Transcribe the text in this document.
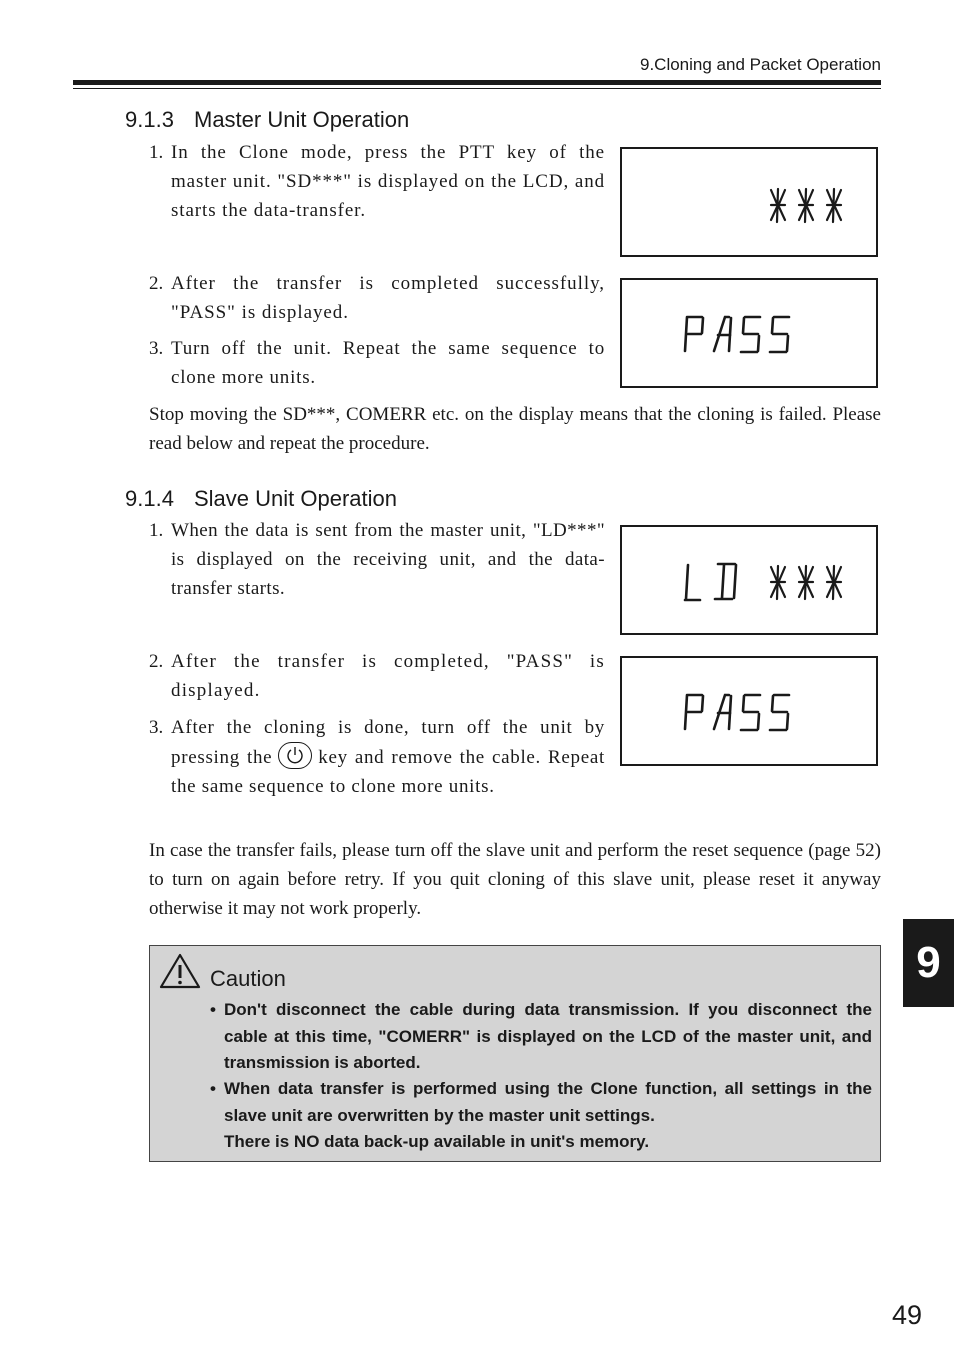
9.Cloning and Packet Operation
9.1.3 Master Unit Operation
1. In the Clone mode, press the PTT key of the master unit. "SD***" is displayed on the LCD, and starts the data-transfer.
2. After the transfer is completed successfully, "PASS" is displayed.
3. Turn off the unit. Repeat the same sequence to clone more units.
Stop moving the SD***, COMERR etc. on the display means that the cloning is failed. Please read below and repeat the procedure.
9.1.4 Slave Unit Operation
1. When the data is sent from the master unit, "LD***" is displayed on the receiving unit, and the data-transfer starts.
2. After the transfer is completed, "PASS" is displayed.
3. After the cloning is done, turn off the unit by pressing the key and remove the cable. Repeat the same sequence to clone more units.
In case the transfer fails, please turn off the slave unit and perform the reset sequence (page 52) to turn on again before retry. If you quit cloning of this slave unit, please reset it anyway otherwise it may not work properly.
Caution
• Don't disconnect the cable during data transmission. If you disconnect the cable at this time, "COMERR" is displayed on the LCD of the master unit, and transmission is aborted.
• When data transfer is performed using the Clone function, all settings in the slave unit are overwritten by the master unit settings.
There is NO data back-up available in unit's memory.
9
49
